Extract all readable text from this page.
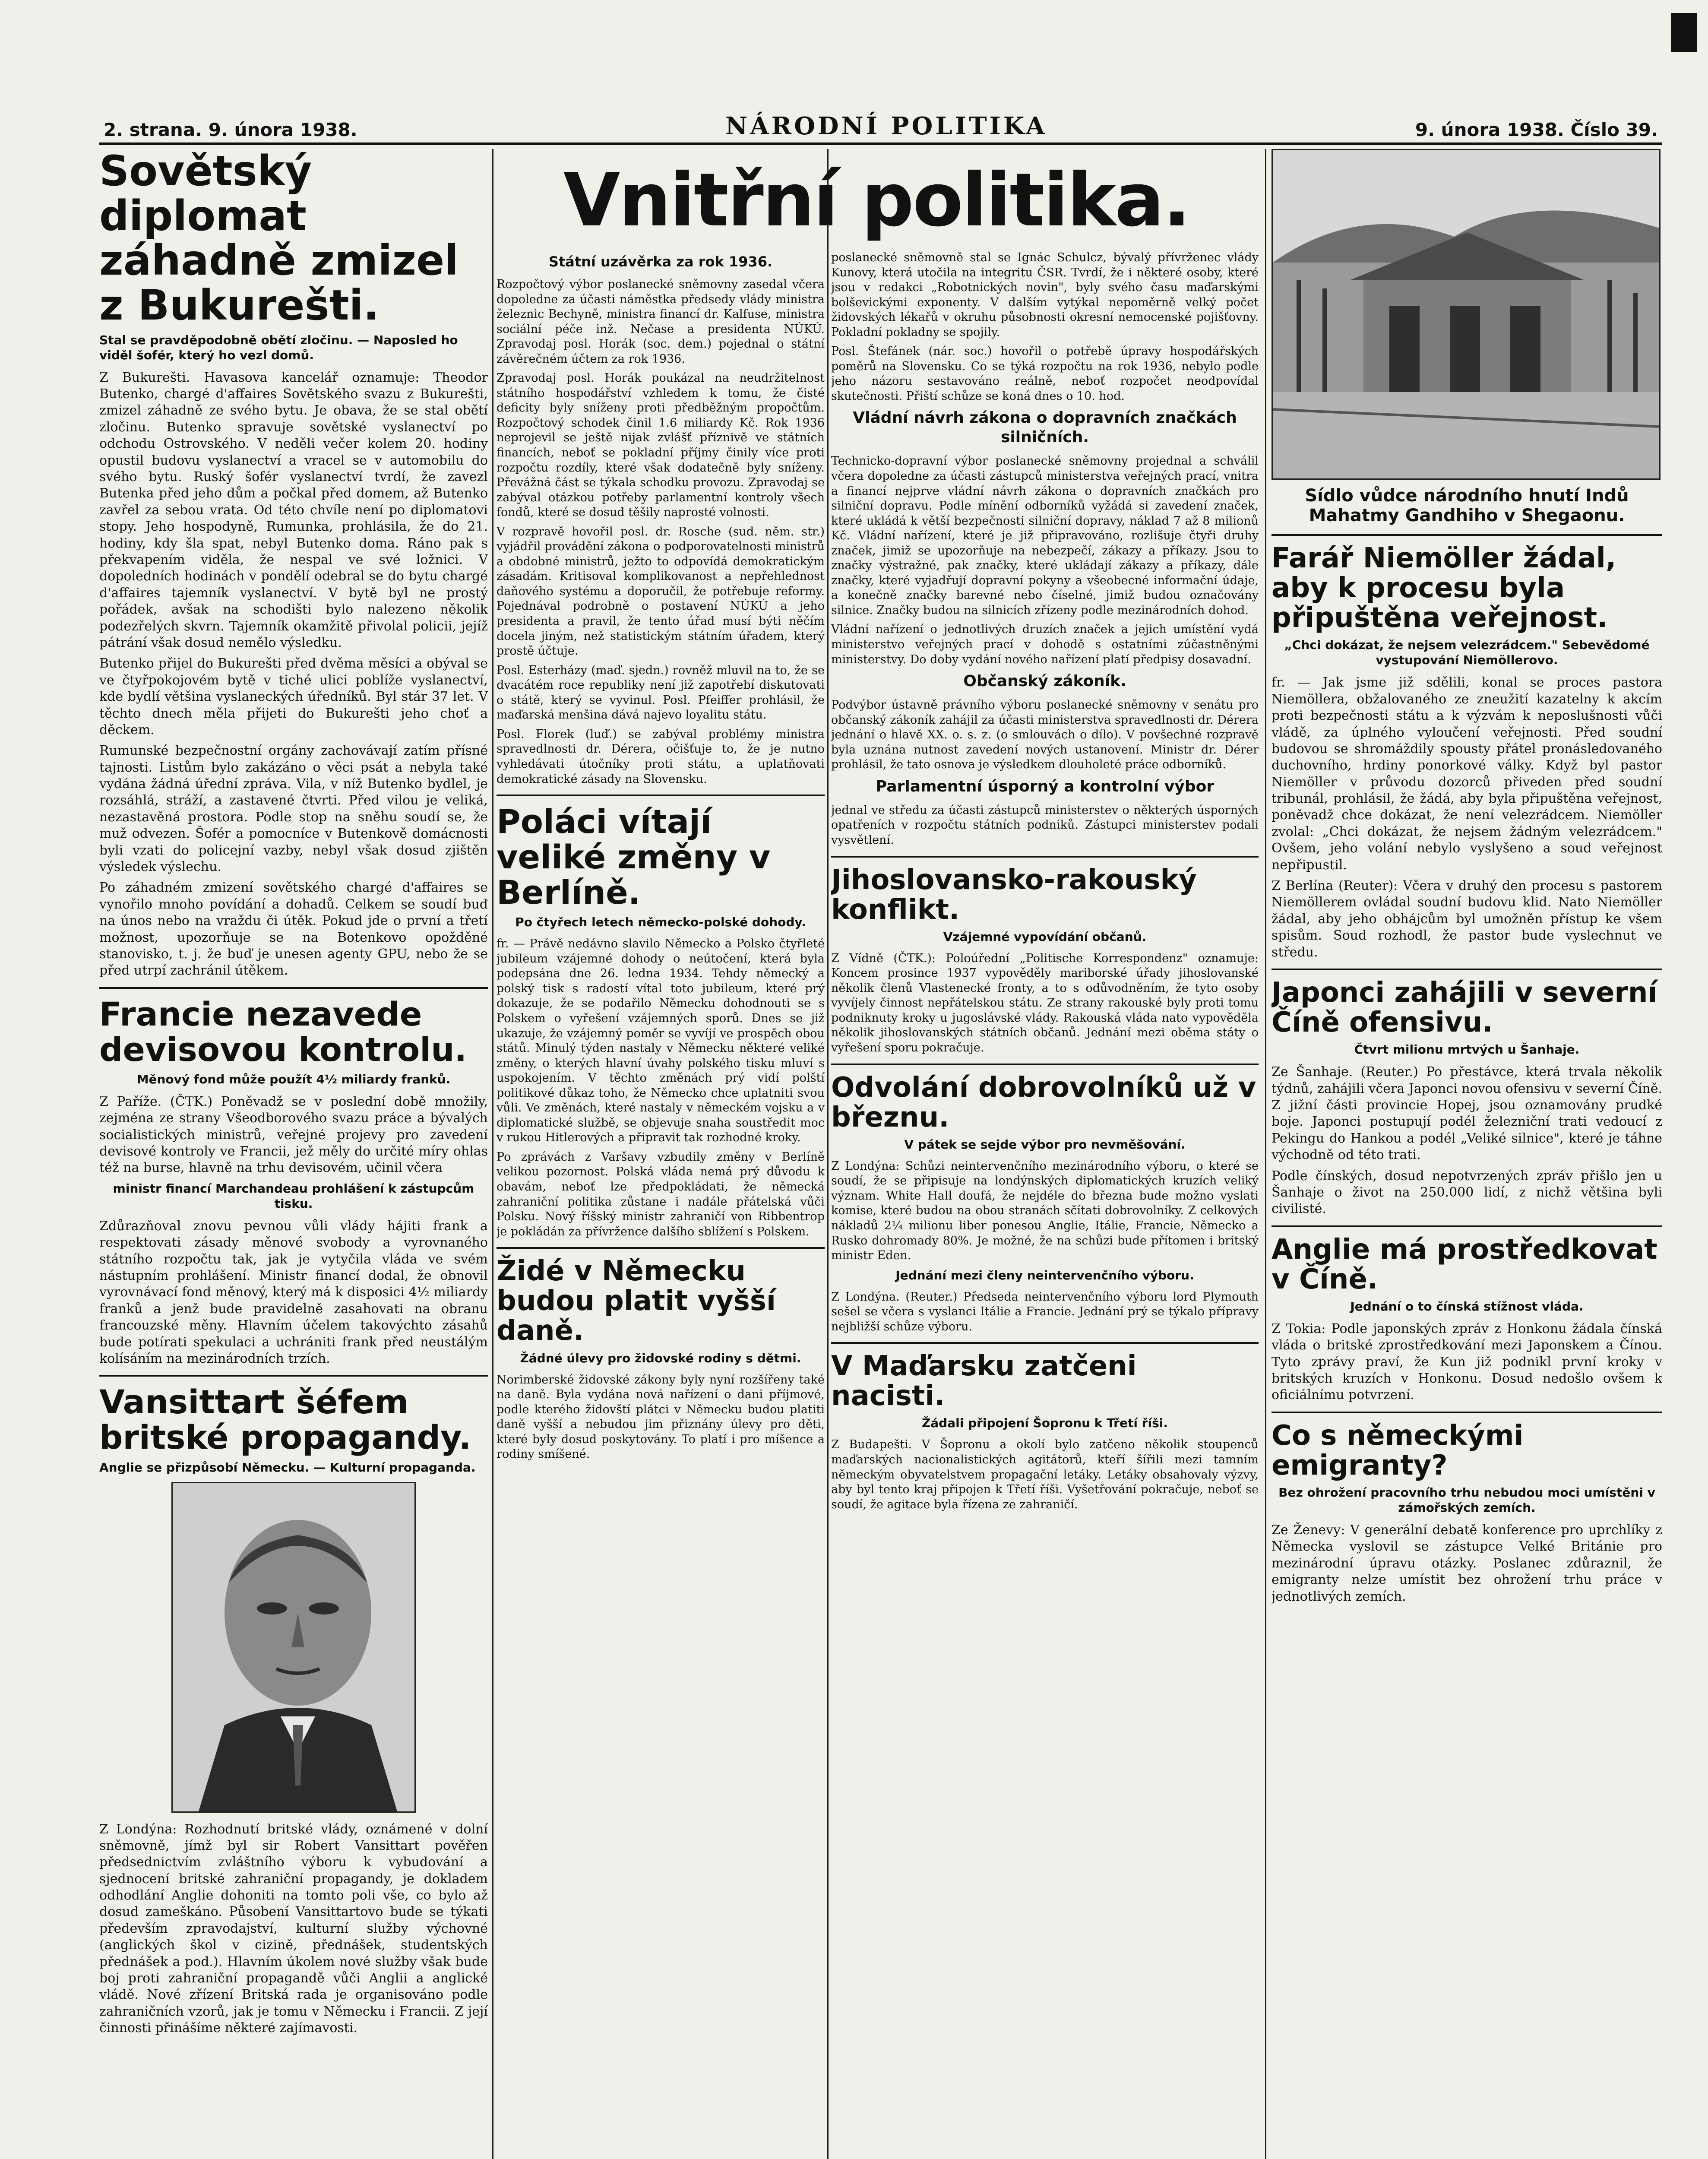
2. strana. 9. února 1938.	NÁRODNÍ POLITIKA	9. února 1938. Číslo 39.
Sovětský diplomat záhadně zmizel z Bukurešti.
Stal se pravděpodobně obětí zločinu. — Naposled ho viděl šofér, který ho vezl domů.

Z Bukurešti. Havasova kancelář oznamuje: Theodor Butenko, chargé d'affaires Sovětského svazu z Bukurešti, zmizel záhadně ze svého bytu. Je obava, že se stal obětí zločinu. Butenko spravuje sovětské vyslanectví po odchodu Ostrovského. V neděli večer kolem 20. hodiny opustil budovu vyslanectví a vracel se v automobilu do svého bytu. Ruský šofér vyslanectví tvrdí, že zavezl Butenka před jeho dům a počkal před domem, až Butenko zavřel za sebou vrata. Od této chvíle není po diplomatovi stopy. Jeho hospodyně, Rumunka, prohlásila, že do 21. hodiny, kdy šla spat, nebyl Butenko doma. Ráno pak s překvapením viděla, že nespal ve své ložnici. V dopoledních hodinách v pondělí odebral se do bytu chargé d'affaires tajemník vyslanectví. V bytě byl ne prostý pořádek, avšak na schodišti bylo nalezeno několik podezřelých skvrn. Tajemník okamžitě přivolal policii, jejíž pátrání však dosud nemělo výsledku.

Butenko přijel do Bukurešti před dvěma měsíci a obýval se ve čtyřpokojovém bytě v tiché ulici poblíže vyslanectví, kde bydlí většina vyslaneckých úředníků. Byl stár 37 let. V těchto dnech měla přijeti do Bukurešti jeho choť a děckem.

Rumunské bezpečnostní orgány zachovávají zatím přísné tajnosti. Listům bylo zakázáno o věci psát a nebyla také vydána žádná úřední zpráva. Vila, v níž Butenko bydlel, je rozsáhlá, stráží, a zastavené čtvrti. Před vilou je veliká, nezastavěná prostora. Podle stop na sněhu soudí se, že muž odvezen. Šofér a pomocníce v Butenkově domácnosti byli vzati do policejní vazby, nebyl však dosud zjištěn výsledek výslechu.

Po záhadném zmizení sovětského chargé d'affaires se vynořilo mnoho povídání a dohadů. Celkem se soudí buď na únos nebo na vraždu či útěk. Pokud jde o první a třetí možnost, upozorňuje se na Botenkovo opožděné stanovisko, t. j. že buď je unesen agenty GPU, nebo že se před utrpí zachránil útěkem.

Francie nezavede devisovou kontrolu.
Měnový fond může použít 4½ miliardy franků.

Z Paříže. (ČTK.) Poněvadž se v poslední době množily, zejména ze strany Všeodborového svazu práce a bývalých socialistických ministrů, veřejné projevy pro zavedení devisové kontroly ve Francii, jež měly do určité míry ohlas též na burse, hlavně na trhu devisovém, učinil včera

ministr financí Marchandeau prohlášení k zástupcům tisku.

Zdůrazňoval znovu pevnou vůli vlády hájiti frank a respektovati zásady měnové svobody a vyrovnaného státního rozpočtu tak, jak je vytyčila vláda ve svém nástupním prohlášení. Ministr financí dodal, že obnovil vyrovnávací fond měnový, který má k disposici 4½ miliardy franků a jenž bude pravidelně zasahovati na obranu francouzské měny. Hlavním účelem takovýchto zásahů bude potírati spekulaci a uchrániti frank před neustálým kolísáním na mezinárodních trzích.

Vansittart šéfem britské propagandy.
Anglie se přizpůsobí Německu. — Kulturní propaganda.

Z Londýna: Rozhodnutí britské vlády, oznámené v dolní sněmovně, jímž byl sir Robert Vansittart pověřen předsednictvím zvláštního výboru k vybudování a sjednocení britské zahraniční propagandy, je dokladem odhodlání Anglie dohoniti na tomto poli vše, co bylo až dosud zameškáno. Působení Vansittartovo bude se týkati především zpravodajství, kulturní služby výchovné (anglických škol v cizině, přednášek, studentských přednášek a pod.). Hlavním úkolem nové služby však bude boj proti zahraniční propagandě vůči Anglii a anglické vládě. Nové zřízení Britská rada je organisováno podle zahraničních vzorů, jak je tomu v Německu i Francii. Z její činnosti přinášíme některé zajímavosti.

Vnitřní politika.
Státní uzávěrka za rok 1936.

Rozpočtový výbor poslanecké sněmovny zasedal včera dopoledne za účasti náměstka předsedy vlády ministra železnic Bechyně, ministra financí dr. Kalfuse, ministra sociální péče inž. Nečase a presidenta NÚKÚ. Zpravodaj posl. Horák (soc. dem.) pojednal o státní závěrečném účtem za rok 1936.

Zpravodaj posl. Horák poukázal na neudržitelnost státního hospodářství vzhledem k tomu, že čisté deficity byly sníženy proti předběžným propočtům. Rozpočtový schodek činil 1.6 miliardy Kč. Rok 1936 neprojevil se ještě nijak zvlášť příznivě ve státních financích, neboť se pokladní příjmy činily více proti rozpočtu rozdíly, které však dodatečně byly sníženy. Převážná část se týkala schodku provozu. Zpravodaj se zabýval otázkou potřeby parlamentní kontroly všech fondů, které se dosud těšily naprosté volnosti.

V rozpravě hovořil posl. dr. Rosche (sud. něm. str.) vyjádřil provádění zákona o podporovatelnosti ministrů a obdobné ministrů, ježto to odpovídá demokratickým zásadám. Kritisoval komplikovanost a nepřehlednost daňového systému a doporučil, že potřebuje reformy. Pojednával podrobně o postavení NÚKÚ a jeho presidenta a pravil, že tento úřad musí býti něčím docela jiným, než statistickým státním úřadem, který prostě účtuje.

Posl. Esterházy (maď. sjedn.) rovněž mluvil na to, že se dvacátém roce republiky není již zapotřebí diskutovati o státě, který se vyvinul. Posl. Pfeiffer prohlásil, že maďarská menšina dává najevo loyalitu státu.

Posl. Florek (luď.) se zabýval problémy ministra spravedlnosti dr. Dérera, očišťuje to, že je nutno vyhledávati útočníky proti státu, a uplatňovati demokratické zásady na Slovensku.

Poláci vítají veliké změny v Berlíně.
Po čtyřech letech německo-polské dohody.

fr. — Právě nedávno slavilo Německo a Polsko čtyřleté jubileum vzájemné dohody o neútočení, která byla podepsána dne 26. ledna 1934. Tehdy německý a polský tisk s radostí vítal toto jubileum, které prý dokazuje, že se podařilo Německu dohodnouti se s Polskem o vyřešení vzájemných sporů. Dnes se již ukazuje, že vzájemný poměr se vyvíjí ve prospěch obou států. Minulý týden nastaly v Německu některé veliké změny, o kterých hlavní úvahy polského tisku mluví s uspokojením. V těchto změnách prý vidí polští politikové důkaz toho, že Německo chce uplatniti svou vůli. Ve změnách, které nastaly v německém vojsku a v diplomatické službě, se objevuje snaha soustředit moc v rukou Hitlerových a připravit tak rozhodné kroky.

Po zprávách z Varšavy vzbudily změny v Berlíně velikou pozornost. Polská vláda nemá prý důvodu k obavám, neboť lze předpokládati, že německá zahraniční politika zůstane i nadále přátelská vůči Polsku. Nový říšský ministr zahraničí von Ribbentrop je pokládán za přívržence dalšího sblížení s Polskem.

Židé v Německu budou platit vyšší daně.
Žádné úlevy pro židovské rodiny s dětmi.

Norimberské židovské zákony byly nyní rozšířeny také na daně. Byla vydána nová nařízení o dani příjmové, podle kterého židovští plátci v Německu budou platiti daně vyšší a nebudou jim přiznány úlevy pro děti, které byly dosud poskytovány. To platí i pro míšence a rodiny smíšené.

poslanecké sněmovně stal se Ignác Schulcz, bývalý přívrženec vlády Kunovy, která utočila na integritu ČSR. Tvrdí, že i některé osoby, které jsou v redakci „Robotnických novin", byly svého času maďarskými bolševickými exponenty. V dalším vytýkal nepoměrně velký počet židovských lékařů v okruhu působnosti okresní nemocenské pojišťovny. Pokladní pokladny se spojily.

Posl. Štefánek (nár. soc.) hovořil o potřebě úpravy hospodářských poměrů na Slovensku. Co se týká rozpočtu na rok 1936, nebylo podle jeho názoru sestavováno reálně, neboť rozpočet neodpovídal skutečnosti. Přiští schůze se koná dnes o 10. hod.

Vládní návrh zákona o dopravních značkách silničních.

Technicko-dopravní výbor poslanecké sněmovny projednal a schválil včera dopoledne za účasti zástupců ministerstva veřejných prací, vnitra a financí nejprve vládní návrh zákona o dopravních značkách pro silniční dopravu. Podle mínění odborníků vyžádá si zavedení značek, které ukládá k větší bezpečnosti silniční dopravy, náklad 7 až 8 milionů Kč. Vládní nařízení, které je již připravováno, rozlišuje čtyři druhy značek, jimiž se upozorňuje na nebezpečí, zákazy a příkazy. Jsou to značky výstražné, pak značky, které ukládají zákazy a příkazy, dále značky, které vyjadřují dopravní pokyny a všeobecné informační údaje, a konečně značky barevné nebo číselné, jimiž budou označovány silnice. Značky budou na silnicích zřízeny podle mezinárodních dohod.

Vládní nařízení o jednotlivých druzích značek a jejich umístění vydá ministerstvo veřejných prací v dohodě s ostatními zúčastněnými ministerstvy. Do doby vydání nového nařízení platí předpisy dosavadní.

Občanský zákoník.

Podvýbor ústavně právního výboru poslanecké sněmovny v senátu pro občanský zákoník zahájil za účasti ministerstva spravedlnosti dr. Dérera jednání o hlavě XX. o. s. z. (o smlouvách o dílo). V povšechné rozpravě byla uznána nutnost zavedení nových ustanovení. Ministr dr. Dérer prohlásil, že tato osnova je výsledkem dlouholeté práce odborníků.

Parlamentní úsporný a kontrolní výbor

jednal ve středu za účasti zástupců ministerstev o některých úsporných opatřeních v rozpočtu státních podniků. Zástupci ministerstev podali vysvětlení.

Jihoslovansko-rakouský konflikt.
Vzájemné vypovídání občanů.

Z Vídně (ČTK.): Poloúřední „Politische Korrespondenz" oznamuje: Koncem prosince 1937 vypověděly mariborské úřady jihoslovanské několik členů Vlastenecké fronty, a to s odůvodněním, že tyto osoby vyvíjely činnost nepřátelskou státu. Ze strany rakouské byly proti tomu podniknuty kroky u jugoslávské vlády. Rakouská vláda nato vypověděla několik jihoslovanských státních občanů. Jednání mezi oběma státy o vyřešení sporu pokračuje.

Odvolání dobrovolníků už v březnu.
V pátek se sejde výbor pro nevměšování.

Z Londýna: Schůzi neintervenčního mezinárodního výboru, o které se soudí, že se připisuje na londýnských diplomatických kruzích veliký význam. White Hall doufá, že nejdéle do března bude možno vyslati komise, které budou na obou stranách sčítati dobrovolníky. Z celkových nákladů 2¼ milionu liber ponesou Anglie, Itálie, Francie, Německo a Rusko dohromady 80%. Je možné, že na schůzi bude přítomen i britský ministr Eden.

Jednání mezi členy neintervenčního výboru.

Z Londýna. (Reuter.) Předseda neintervenčního výboru lord Plymouth sešel se včera s vyslanci Itálie a Francie. Jednání prý se týkalo přípravy nejbližší schůze výboru.

V Maďarsku zatčeni nacisti.
Žádali připojení Šopronu k Třetí říši.

Z Budapešti. V Šopronu a okolí bylo zatčeno několik stoupenců maďarských nacionalistických agitátorů, kteří šířili mezi tamním německým obyvatelstvem propagační letáky. Letáky obsahovaly výzvy, aby byl tento kraj připojen k Třetí říši. Vyšetřování pokračuje, neboť se soudí, že agitace byla řízena ze zahraničí.

Sídlo vůdce národního hnutí Indů Mahatmy Gandhiho v Shegaonu.
Farář Niemöller žádal, aby k procesu byla připuštěna veřejnost.
„Chci dokázat, že nejsem velezrádcem." Sebevědomé vystupování Niemöllerovo.

fr. — Jak jsme již sdělili, konal se proces pastora Niemöllera, obžalovaného ze zneužití kazatelny k akcím proti bezpečnosti státu a k výzvám k neposlušnosti vůči vládě, za úplného vyloučení veřejnosti. Před soudní budovou se shromáždily spousty přátel pronásledovaného duchovního, hrdiny ponorkové války. Když byl pastor Niemöller v průvodu dozorců přiveden před soudní tribunál, prohlásil, že žádá, aby byla připuštěna veřejnost, poněvadž chce dokázat, že není velezrádcem. Niemöller zvolal: „Chci dokázat, že nejsem žádným velezrádcem." Ovšem, jeho volání nebylo vyslyšeno a soud veřejnost nepřipustil.

Z Berlína (Reuter): Včera v druhý den procesu s pastorem Niemöllerem ovládal soudní budovu klid. Nato Niemöller žádal, aby jeho obhájcům byl umožněn přístup ke všem spisům. Soud rozhodl, že pastor bude vyslechnut ve středu.

Japonci zahájili v severní Číně ofensivu.
Čtvrt milionu mrtvých u Šanhaje.

Ze Šanhaje. (Reuter.) Po přestávce, která trvala několik týdnů, zahájili včera Japonci novou ofensivu v severní Číně. Z jižní části provincie Hopej, jsou oznamovány prudké boje. Japonci postupují podél železniční trati vedoucí z Pekingu do Hankou a podél „Veliké silnice", které je táhne východně od této trati.

Podle čínských, dosud nepotvrzených zpráv přišlo jen u Šanhaje o život na 250.000 lidí, z nichž většina byli civilisté.

Anglie má prostředkovat v Číně.
Jednání o to čínská stížnost vláda.

Z Tokia: Podle japonských zpráv z Honkonu žádala čínská vláda o britské zprostředkování mezi Japonskem a Čínou. Tyto zprávy praví, že Kun již podnikl první kroky v britských kruzích v Honkonu. Dosud nedošlo ovšem k oficiálnímu potvrzení.

Co s německými emigranty?
Bez ohrožení pracovního trhu nebudou moci umístěni v zámořských zemích.

Ze Ženevy: V generální debatě konference pro uprchlíky z Německa vyslovil se zástupce Velké Británie pro mezinárodní úpravu otázky. Poslanec zdůraznil, že emigranty nelze umístit bez ohrožení trhu práce v jednotlivých zemích.
